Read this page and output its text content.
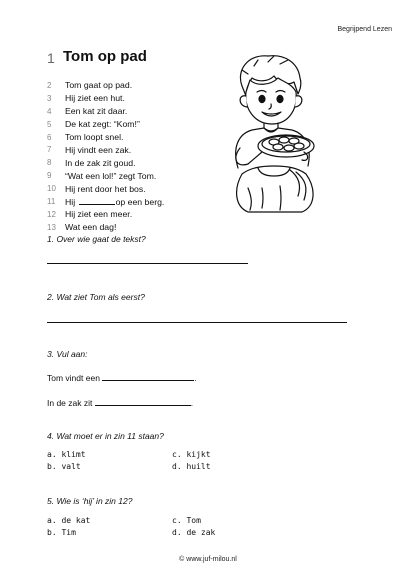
Begrijpend Lezen
1 Tom op pad
2	Tom gaat op pad.
3	Hij ziet een hut.
4	Een kat zit daar.
5	De kat zegt: “Kom!”
6	Tom loopt snel.
7	Hij vindt een zak.
8	In de zak zit goud.
9	“Wat een lol!” zegt Tom.
10	Hij rent door het bos.
11	Hij	op een berg.
12	Hij ziet een meer.
13	Wat een dag!
1. Over wie gaat de tekst?
2. Wat ziet Tom als eerst?
3. Vul aan:
Tom vindt een	.
In de zak zit	.
4. Wat moet er in zin 11 staan?
a. klimt	c. kijkt
b. valt	d. huilt
5. Wie is ‘hij’ in zin 12?
a. de kat	c. Tom
b. Tim	d. de zak
© www.juf-milou.nl
